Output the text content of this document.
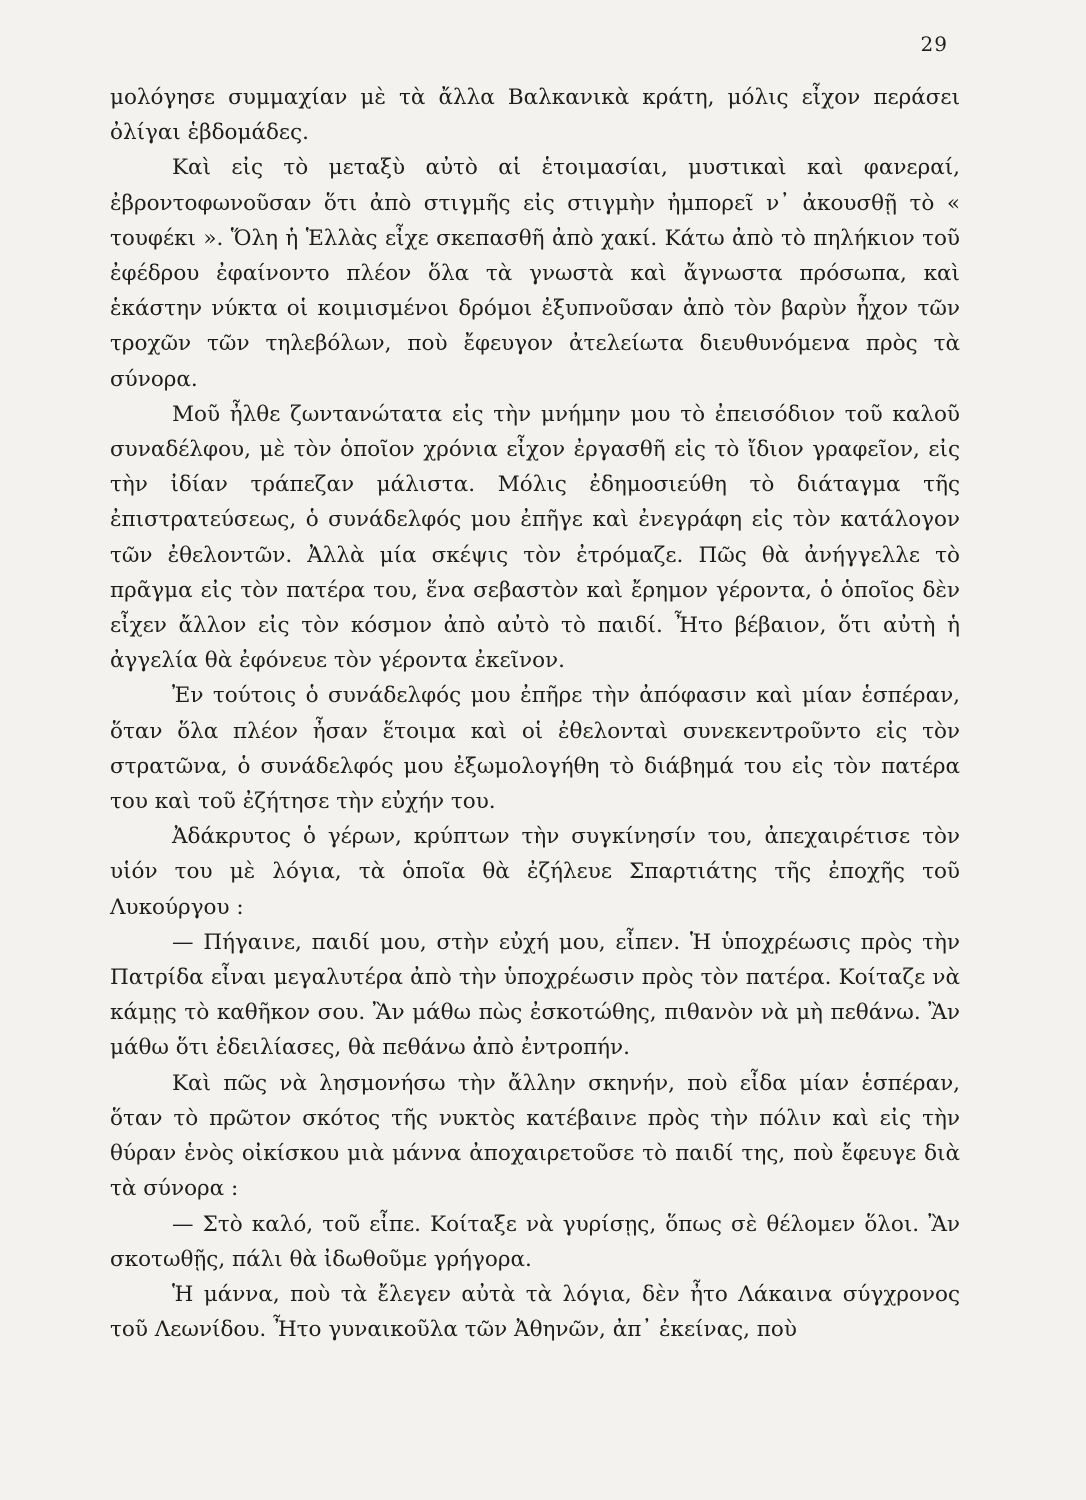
29

μολόγησε συμμαχίαν μὲ τὰ ἄλλα Βαλκανικὰ κράτη, μόλις εἶχον περάσει ὀλίγαι ἑβδομάδες.

Καὶ εἰς τὸ μεταξὺ αὐτὸ αἱ ἑτοιμασίαι, μυστικαὶ καὶ φανεραί, ἐβροντοφωνοῦσαν ὅτι ἀπὸ στιγμῆς εἰς στιγμὴν ἠμπορεῖ ν᾿ ἀκουσθῇ τὸ « τουφέκι ». Ὅλη ἡ Ἑλλὰς εἶχε σκεπασθῆ ἀπὸ χακί. Κάτω ἀπὸ τὸ πηλήκιον τοῦ ἐφέδρου ἐφαίνοντο πλέον ὅλα τὰ γνωστὰ καὶ ἄγνωστα πρόσωπα, καὶ ἑκάστην νύκτα οἱ κοιμισμένοι δρόμοι ἐξυπνοῦσαν ἀπὸ τὸν βαρὺν ἦχον τῶν τροχῶν τῶν τηλεβόλων, ποὺ ἔφευγον ἀτελείωτα διευθυνόμενα πρὸς τὰ σύνορα.

Μοῦ ἦλθε ζωντανώτατα εἰς τὴν μνήμην μου τὸ ἐπεισόδιον τοῦ καλοῦ συναδέλφου, μὲ τὸν ὁποῖον χρόνια εἶχον ἐργασθῆ εἰς τὸ ἴδιον γραφεῖον, εἰς τὴν ἰδίαν τράπεζαν μάλιστα. Μόλις ἐδημοσιεύθη τὸ διάταγμα τῆς ἐπιστρατεύσεως, ὁ συνάδελφός μου ἐπῆγε καὶ ἐνεγράφη εἰς τὸν κατάλογον τῶν ἐθελοντῶν. Ἀλλὰ μία σκέψις τὸν ἐτρόμαζε. Πῶς θὰ ἀνήγγελλε τὸ πρᾶγμα εἰς τὸν πατέρα του, ἕνα σεβαστὸν καὶ ἔρημον γέροντα, ὁ ὁποῖος δὲν εἶχεν ἄλλον εἰς τὸν κόσμον ἀπὸ αὐτὸ τὸ παιδί. Ἦτο βέβαιον, ὅτι αὐτὴ ἡ ἀγγελία θὰ ἐφόνευε τὸν γέροντα ἐκεῖνον.

Ἐν τούτοις ὁ συνάδελφός μου ἐπῆρε τὴν ἀπόφασιν καὶ μίαν ἑσπέραν, ὅταν ὅλα πλέον ἦσαν ἕτοιμα καὶ οἱ ἐθελονταὶ συνεκεντροῦντο εἰς τὸν στρατῶνα, ὁ συνάδελφός μου ἐξωμολογήθη τὸ διάβημά του εἰς τὸν πατέρα του καὶ τοῦ ἐζήτησε τὴν εὐχήν του.

Ἀδάκρυτος ὁ γέρων, κρύπτων τὴν συγκίνησίν του, ἀπεχαιρέτισε τὸν υἱόν του μὲ λόγια, τὰ ὁποῖα θὰ ἐζήλευε Σπαρτιάτης τῆς ἐποχῆς τοῦ Λυκούργου :

— Πήγαινε, παιδί μου, στὴν εὐχή μου, εἶπεν. Ἡ ὑποχρέωσις πρὸς τὴν Πατρίδα εἶναι μεγαλυτέρα ἀπὸ τὴν ὑποχρέωσιν πρὸς τὸν πατέρα. Κοίταζε νὰ κάμῃς τὸ καθῆκον σου. Ἂν μάθω πὼς ἐσκοτώθης, πιθανὸν νὰ μὴ πεθάνω. Ἂν μάθω ὅτι ἐδειλίασες, θὰ πεθάνω ἀπὸ ἐντροπήν.

Καὶ πῶς νὰ λησμονήσω τὴν ἄλλην σκηνήν, ποὺ εἶδα μίαν ἑσπέραν, ὅταν τὸ πρῶτον σκότος τῆς νυκτὸς κατέβαινε πρὸς τὴν πόλιν καὶ εἰς τὴν θύραν ἑνὸς οἰκίσκου μιὰ μάννα ἀποχαιρετοῦσε τὸ παιδί της, ποὺ ἔφευγε διὰ τὰ σύνορα :

— Στὸ καλό, τοῦ εἶπε. Κοίταξε νὰ γυρίσῃς, ὅπως σὲ θέλομεν ὅλοι. Ἂν σκοτωθῇς, πάλι θὰ ἰδωθοῦμε γρήγορα.

Ἡ μάννα, ποὺ τὰ ἔλεγεν αὐτὰ τὰ λόγια, δὲν ἦτο Λάκαινα σύγχρονος τοῦ Λεωνίδου. Ἦτο γυναικοῦλα τῶν Ἀθηνῶν, ἀπ᾿ ἐκείνας, ποὺ
